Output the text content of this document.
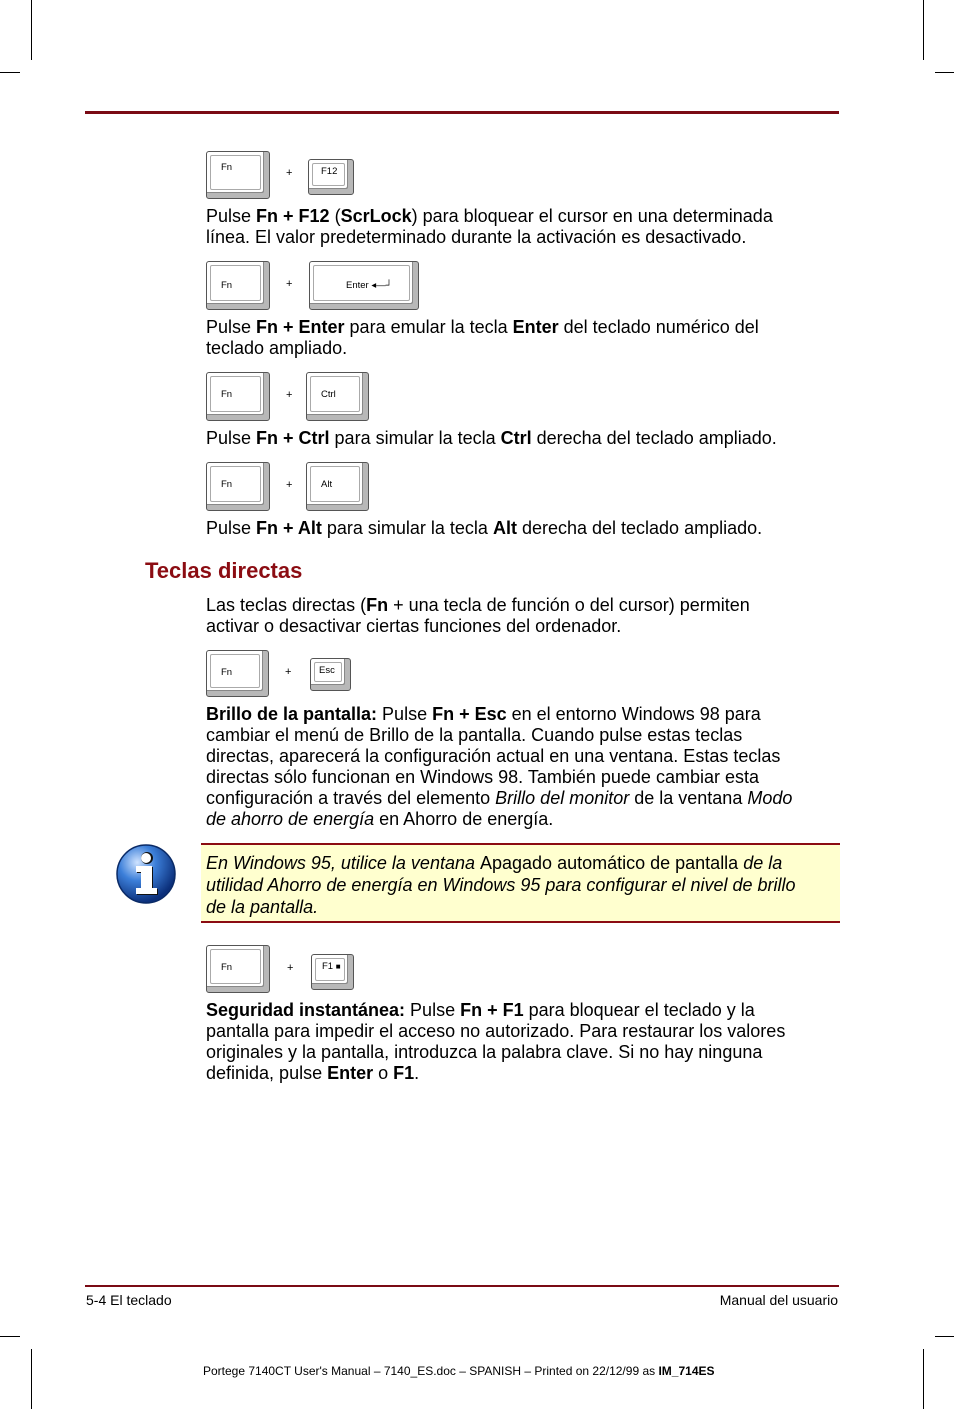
Fn	+	F12
Pulse Fn + F12 (ScrLock) para bloquear el cursor en una determinada
línea. El valor predeterminado durante la activación es desactivado.
Fn	+	Enter ◂—┘
Pulse Fn + Enter para emular la tecla Enter del teclado numérico del
teclado ampliado.
Fn	+	Ctrl
Pulse Fn + Ctrl para simular la tecla Ctrl derecha del teclado ampliado.
Fn	+	Alt
Pulse Fn + Alt para simular la tecla Alt derecha del teclado ampliado.
Teclas directas
Las teclas directas (Fn + una tecla de función o del cursor) permiten
activar o desactivar ciertas funciones del ordenador.
Fn	+	Esc
Brillo de la pantalla: Pulse Fn + Esc en el entorno Windows 98 para
cambiar el menú de Brillo de la pantalla. Cuando pulse estas teclas
directas, aparecerá la configuración actual en una ventana. Estas teclas
directas sólo funcionan en Windows 98. También puede cambiar esta
configuración a través del elemento Brillo del monitor de la ventana Modo
de ahorro de energía en Ahorro de energía.
En Windows 95, utilice la ventana Apagado automático de pantalla de la
utilidad Ahorro de energía en Windows 95 para configurar el nivel de brillo
de la pantalla.
Fn	+	F1 ■
Seguridad instantánea: Pulse Fn + F1 para bloquear el teclado y la
pantalla para impedir el acceso no autorizado. Para restaurar los valores
originales y la pantalla, introduzca la palabra clave. Si no hay ninguna
definida, pulse Enter o F1.
5-4 El teclado	Manual del usuario
Portege 7140CT User's Manual – 7140_ES.doc – SPANISH – Printed on 22/12/99 as IM_714ES
